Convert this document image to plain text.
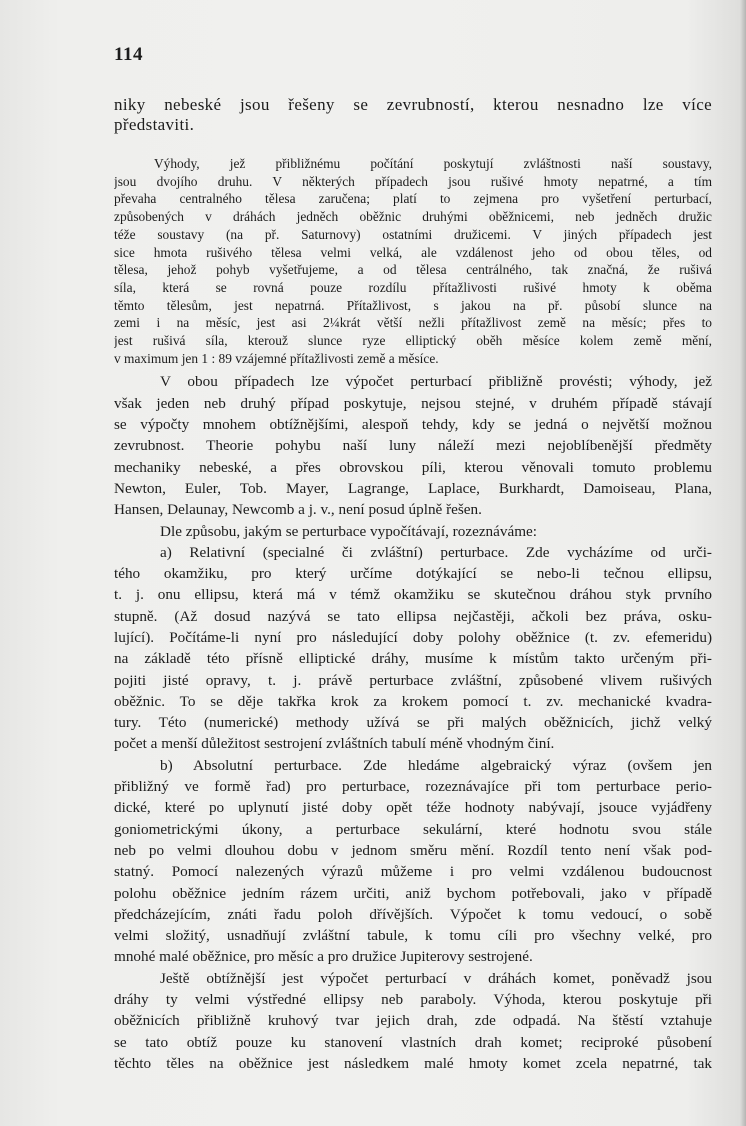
114
niky nebeské jsou řešeny se zevrubností, kterou nesnadno lze více
představiti.
Výhody, jež přibližnému počítání poskytují zvláštnosti naší soustavy,
jsou dvojího druhu. V některých případech jsou rušivé hmoty nepatrné, a tím
převaha centralného tělesa zaručena; platí to zejmena pro vyšetření perturbací,
způsobených v dráhách jedněch oběžnic druhými oběžnicemi, neb jedněch družic
téže soustavy (na př. Saturnovy) ostatními družicemi. V jiných případech jest
sice hmota rušivého tělesa velmi velká, ale vzdálenost jeho od obou těles, od
tělesa, jehož pohyb vyšetřujeme, a od tělesa centrálného, tak značná, že rušivá
síla, která se rovná pouze rozdílu přítažlivosti rušivé hmoty k oběma
těmto tělesům, jest nepatrná. Přítažlivost, s jakou na př. působí slunce na
zemi i na měsíc, jest asi 2¼krát větší nežli přítažlivost země na měsíc; přes to
jest rušivá síla, kterouž slunce ryze elliptický oběh měsíce kolem země mění,
v maximum jen 1 : 89 vzájemné přítažlivosti země a měsíce.
V obou případech lze výpočet perturbací přibližně provésti; výhody, jež
však jeden neb druhý případ poskytuje, nejsou stejné, v druhém případě stávají
se výpočty mnohem obtížnějšími, alespoň tehdy, kdy se jedná o největší možnou
zevrubnost. Theorie pohybu naší luny náleží mezi nejoblíbenější předměty
mechaniky nebeské, a přes obrovskou píli, kterou věnovali tomuto problemu
Newton, Euler, Tob. Mayer, Lagrange, Laplace, Burkhardt, Damoiseau, Plana,
Hansen, Delaunay, Newcomb a j. v., není posud úplně řešen.
Dle způsobu, jakým se perturbace vypočítávají, rozeznáváme:
a) Relativní (specialné či zvláštní) perturbace. Zde vycházíme od urči-
tého okamžiku, pro který určíme dotýkající se nebo-li tečnou ellipsu,
t. j. onu ellipsu, která má v témž okamžiku se skutečnou dráhou styk prvního
stupně. (Až dosud nazývá se tato ellipsa nejčastěji, ačkoli bez práva, osku-
lující). Počítáme-li nyní pro následující doby polohy oběžnice (t. zv. efemeridu)
na základě této přísně elliptické dráhy, musíme k místům takto určeným při-
pojiti jisté opravy, t. j. právě perturbace zvláštní, způsobené vlivem rušivých
oběžnic. To se děje takřka krok za krokem pomocí t. zv. mechanické kvadra-
tury. Této (numerické) methody užívá se při malých oběžnicích, jichž velký
počet a menší důležitost sestrojení zvláštních tabulí méně vhodným činí.
b) Absolutní perturbace. Zde hledáme algebraický výraz (ovšem jen
přibližný ve formě řad) pro perturbace, rozeznávajíce při tom perturbace perio-
dické, které po uplynutí jisté doby opět téže hodnoty nabývají, jsouce vyjádřeny
goniometrickými úkony, a perturbace sekulární, které hodnotu svou stále
neb po velmi dlouhou dobu v jednom směru mění. Rozdíl tento není však pod-
statný. Pomocí nalezených výrazů můžeme i pro velmi vzdálenou budoucnost
polohu oběžnice jedním rázem určiti, aniž bychom potřebovali, jako v případě
předcházejícím, znáti řadu poloh dřívějších. Výpočet k tomu vedoucí, o sobě
velmi složitý, usnadňují zvláštní tabule, k tomu cíli pro všechny velké, pro
mnohé malé oběžnice, pro měsíc a pro družice Jupiterovy sestrojené.
Ještě obtížnější jest výpočet perturbací v dráhách komet, poněvadž jsou
dráhy ty velmi výstředné ellipsy neb paraboly. Výhoda, kterou poskytuje při
oběžnicích přibližně kruhový tvar jejich drah, zde odpadá. Na štěstí vztahuje
se tato obtíž pouze ku stanovení vlastních drah komet; reciproké působení
těchto těles na oběžnice jest následkem malé hmoty komet zcela nepatrné, tak
